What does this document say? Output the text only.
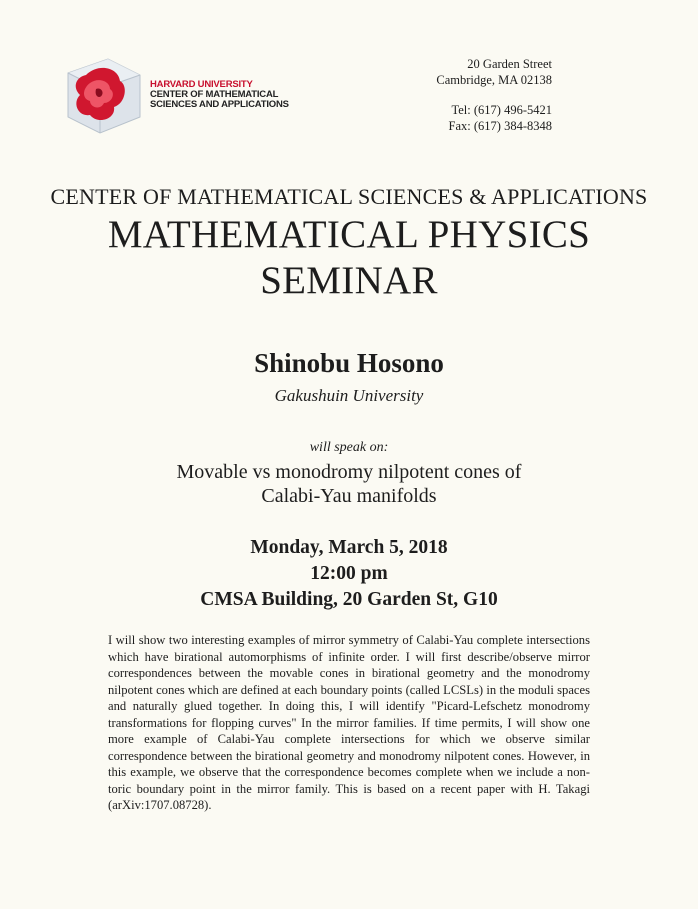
HARVARD UNIVERSITY
CENTER OF MATHEMATICAL
SCIENCES AND APPLICATIONS
20 Garden Street
Cambridge, MA 02138
Tel: (617) 496-5421
Fax: (617) 384-8348
CENTER OF MATHEMATICAL SCIENCES & APPLICATIONS
MATHEMATICAL PHYSICS
SEMINAR
Shinobu Hosono
Gakushuin University
will speak on:
Movable vs monodromy nilpotent cones of
Calabi-Yau manifolds
Monday, March 5, 2018
12:00 pm
CMSA Building, 20 Garden St, G10
I will show two interesting examples of mirror symmetry of Calabi-Yau complete intersections which have birational automorphisms of infinite order. I will first describe/observe mirror correspondences between the movable cones in birational geometry and the monodromy nilpotent cones which are defined at each boundary points (called LCSLs) in the moduli spaces and naturally glued together. In doing this, I will identify "Picard-Lefschetz monodromy transformations for flopping curves" In the mirror families. If time permits, I will show one more example of Calabi-Yau complete intersections for which we observe similar correspondence between the birational geometry and monodromy nilpotent cones. However, in this example, we observe that the correspondence becomes complete when we include a non-toric boundary point in the mirror family. This is based on a recent paper with H. Takagi (arXiv:1707.08728).
